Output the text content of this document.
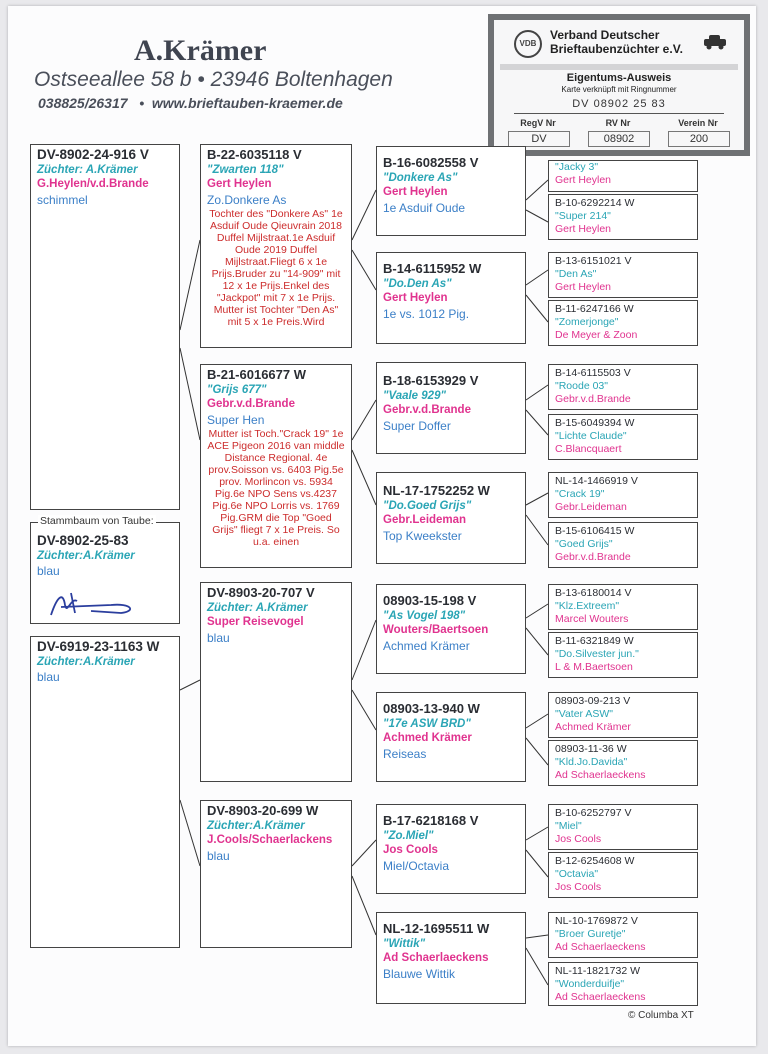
A.Krämer
Ostseeallee 58 b • 23946 Boltenhagen
038825/26317 • www.brieftauben-kraemer.de
VDB
Verband Deutscher
Brieftaubenzüchter e.V.
Eigentums-Ausweis
Karte verknüpft mit Ringnummer
DV 08902 25 83
RegV Nr	RV Nr	Verein Nr
DV	08902	200
DV-8902-24-916 V
Züchter: A.Krämer
G.Heylen/v.d.Brande
schimmel
DV-8902-25-83
Züchter:A.Krämer
blau
Stammbaum von Taube:
DV-6919-23-1163 W
Züchter:A.Krämer
blau
B-22-6035118 V
"Zwarten 118"
Gert Heylen
Zo.Donkere As
Tochter des "Donkere As" 1e Asduif Oude Qieuvrain 2018 Duffel Mijlstraat.1e Asduif Oude 2019 Duffel Mijlstraat.Fliegt 6 x 1e Prijs.Bruder zu "14-909" mit 12 x 1e Prijs.Enkel des "Jackpot" mit 7 x 1e Prijs. Mutter ist Tochter "Den As" mit 5 x 1e Preis.Wird
B-21-6016677 W
"Grijs 677"
Gebr.v.d.Brande
Super Hen
Mutter ist Toch."Crack 19" 1e ACE Pigeon 2016 van middle Distance Regional. 4e prov.Soisson vs. 6403 Pig.5e prov. Morlincon vs. 5934 Pig.6e NPO Sens vs.4237 Pig.6e NPO Lorris vs. 1769 Pig.GRM die Top "Goed Grijs" fliegt 7 x 1e Preis. So u.a. einen
DV-8903-20-707 V
Züchter: A.Krämer
Super Reisevogel
blau
DV-8903-20-699 W
Züchter:A.Krämer
J.Cools/Schaerlackens
blau
B-16-6082558 V
"Donkere As"
Gert Heylen
1e Asduif Oude
B-14-6115952 W
"Do.Den As"
Gert Heylen
1e vs. 1012 Pig.
B-18-6153929 V
"Vaale 929"
Gebr.v.d.Brande
Super Doffer
NL-17-1752252 W
"Do.Goed Grijs"
Gebr.Leideman
Top Kweekster
08903-15-198 V
"As Vogel 198"
Wouters/Baertsoen
Achmed Krämer
08903-13-940 W
"17e ASW BRD"
Achmed Krämer
Reiseas
B-17-6218168 V
"Zo.Miel"
Jos Cools
Miel/Octavia
NL-12-1695511 W
"Wittik"
Ad Schaerlaeckens
Blauwe Wittik
"Jacky 3"
Gert Heylen
B-10-6292214 W
"Super 214"
Gert Heylen
B-13-6151021 V
"Den As"
Gert Heylen
B-11-6247166 W
"Zomerjonge"
De Meyer & Zoon
B-14-6115503 V
"Roode 03"
Gebr.v.d.Brande
B-15-6049394 W
"Lichte Claude"
C.Blancquaert
NL-14-1466919 V
"Crack 19"
Gebr.Leideman
B-15-6106415 W
"Goed Grijs"
Gebr.v.d.Brande
B-13-6180014 V
"Klz.Extreem"
Marcel Wouters
B-11-6321849 W
"Do.Silvester jun."
L & M.Baertsoen
08903-09-213 V
"Vater ASW"
Achmed Krämer
08903-11-36 W
"Kld.Jo.Davida"
Ad Schaerlaeckens
B-10-6252797 V
"Miel"
Jos Cools
B-12-6254608 W
"Octavia"
Jos Cools
NL-10-1769872 V
"Broer Guretje"
Ad Schaerlaeckens
NL-11-1821732 W
"Wonderduifje"
Ad Schaerlaeckens
© Columba XT
